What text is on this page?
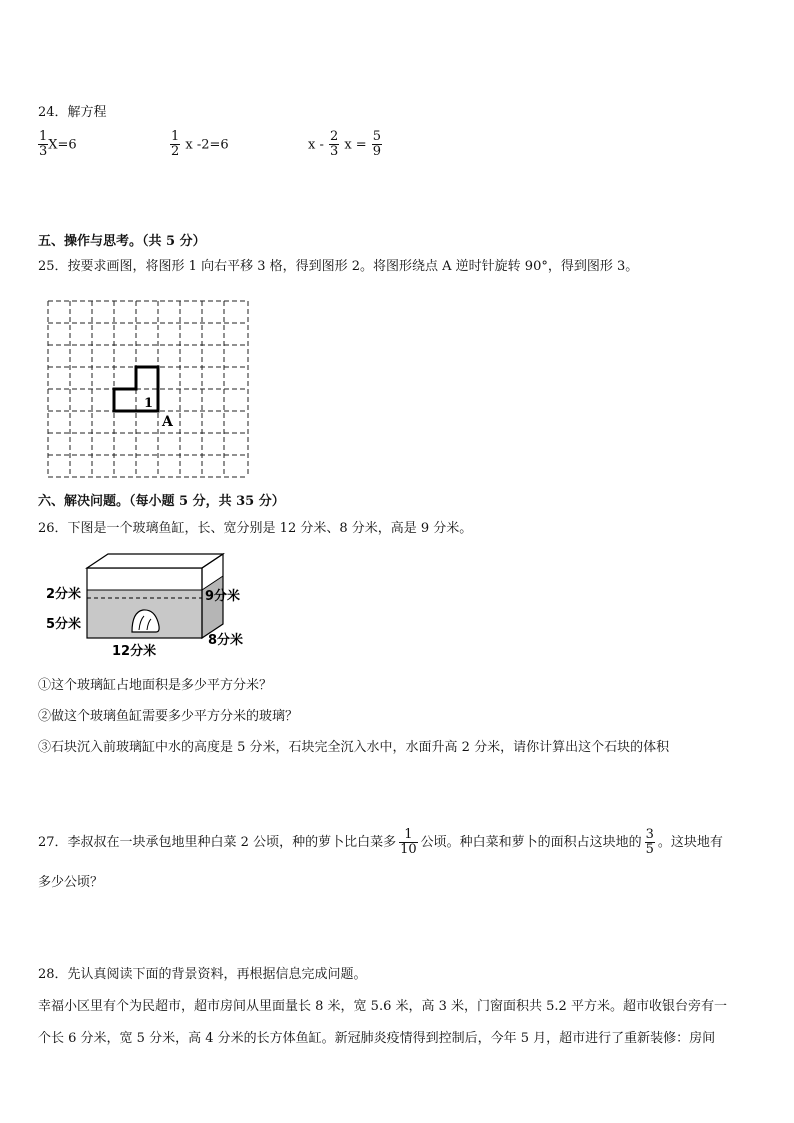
24．解方程
$\frac{1}{3} X=6$	$\frac{1}{2}$ x -2=6	x - $\frac{2}{3}$ $x = \frac{5}{9}$
五、操作与思考。（共 5 分）
25．按要求画图，将图形 1 向右平移 3 格，得到图形 2。将图形绕点 A 逆时针旋转 90°，得到图形 3。
1
A
六、解决问题。（每小题 5 分，共 35 分）
26．下图是一个玻璃鱼缸，长、宽分别是 12 分米、8 分米，高是 9 分米。
2分米
5分米
9分米
8分米
12分米
①这个玻璃缸占地面积是多少平方分米？
②做这个玻璃鱼缸需要多少平方分米的玻璃？
③石块沉入前玻璃缸中水的高度是 5 分米，石块完全沉入水中，水面升高 2 分米，请你计算出这个石块的体积
27．李叔叔在一块承包地里种白菜 2 公顷，种的萝卜比白菜多 $\frac{1}{10}$ 公顷。种白菜和萝卜的面积占这块地的 $\frac{3}{5}$ 。这块地有
多少公顷？
28．先认真阅读下面的背景资料，再根据信息完成问题。
幸福小区里有个为民超市，超市房间从里面量长 8 米，宽 5.6 米，高 3 米，门窗面积共 5.2 平方米。超市收银台旁有一
个长 6 分米，宽 5 分米，高 4 分米的长方体鱼缸。新冠肺炎疫情得到控制后，今年 5 月，超市进行了重新装修：房间
